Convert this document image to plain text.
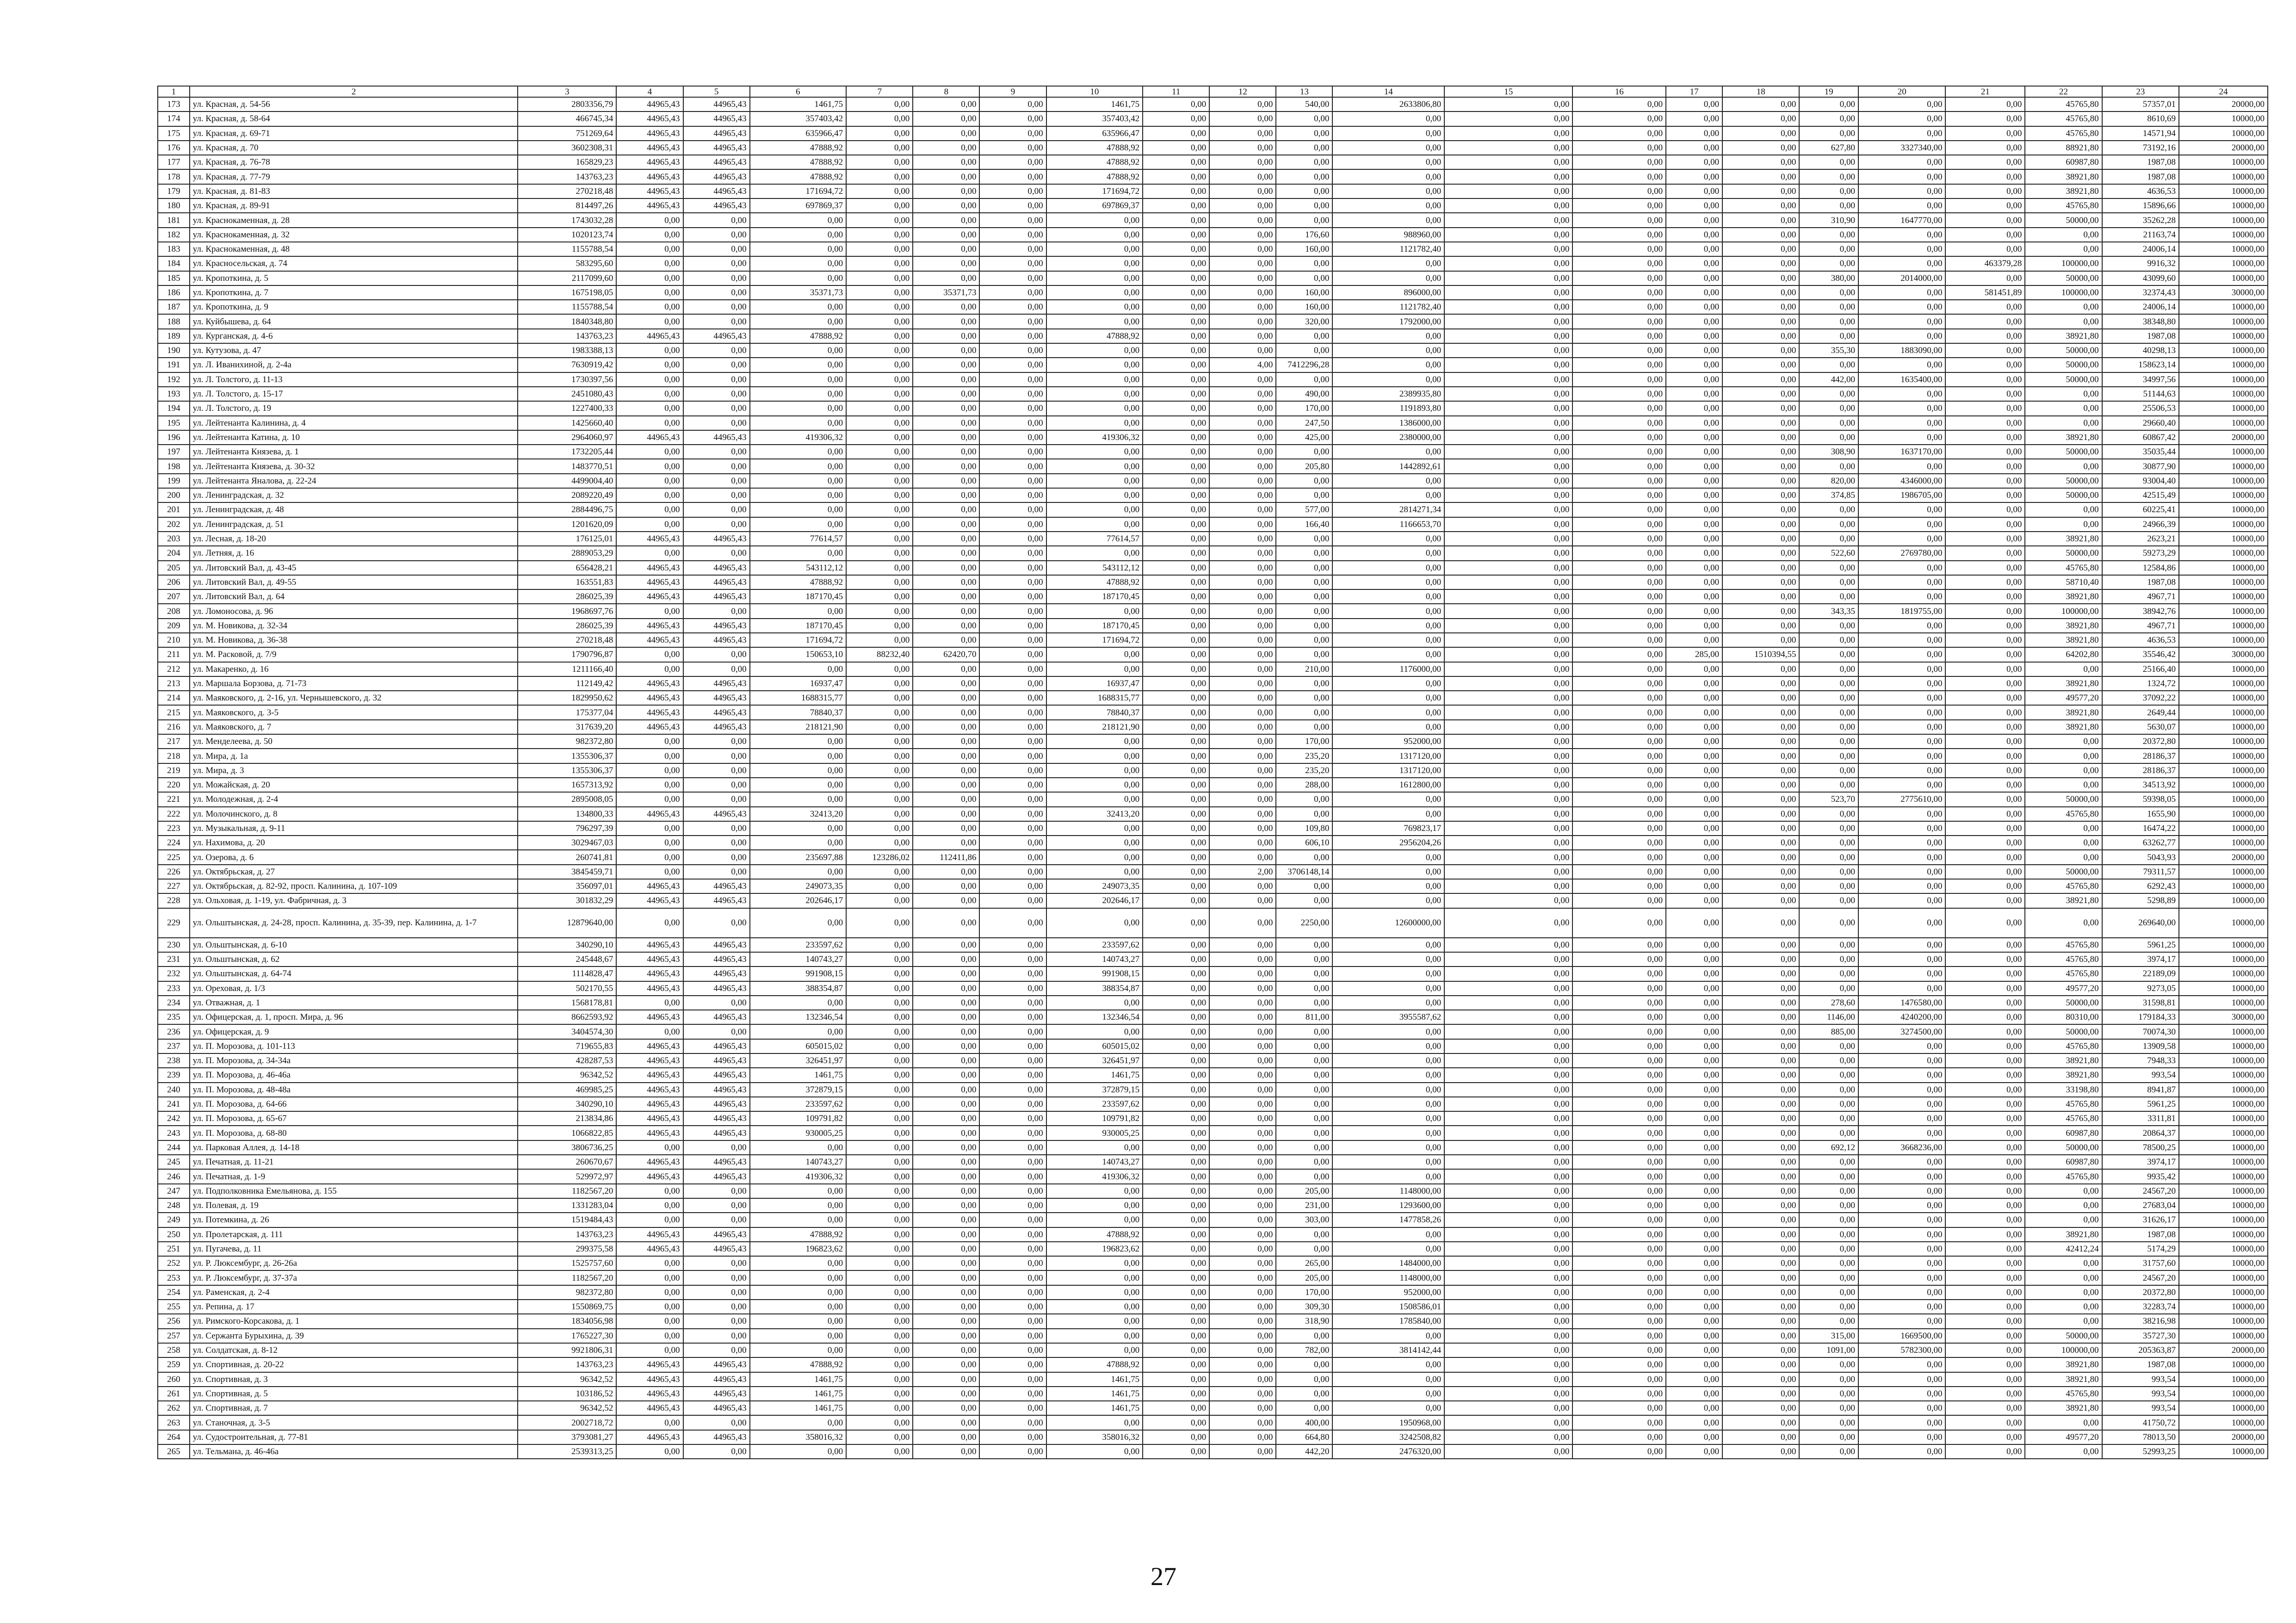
1	2	3	4	5	6	7	8	9	10	11	12	13	14	15	16	17	18	19	20	21	22	23	24
173	ул. Красная, д. 54-56	2803356,79	44965,43	44965,43	1461,75	0,00	0,00	0,00	1461,75	0,00	0,00	540,00	2633806,80	0,00	0,00	0,00	0,00	0,00	0,00	0,00	45765,80	57357,01	20000,00
174	ул. Красная, д. 58-64	466745,34	44965,43	44965,43	357403,42	0,00	0,00	0,00	357403,42	0,00	0,00	0,00	0,00	0,00	0,00	0,00	0,00	0,00	0,00	0,00	45765,80	8610,69	10000,00
175	ул. Красная, д. 69-71	751269,64	44965,43	44965,43	635966,47	0,00	0,00	0,00	635966,47	0,00	0,00	0,00	0,00	0,00	0,00	0,00	0,00	0,00	0,00	0,00	45765,80	14571,94	10000,00
176	ул. Красная, д. 70	3602308,31	44965,43	44965,43	47888,92	0,00	0,00	0,00	47888,92	0,00	0,00	0,00	0,00	0,00	0,00	0,00	0,00	627,80	3327340,00	0,00	88921,80	73192,16	20000,00
177	ул. Красная, д. 76-78	165829,23	44965,43	44965,43	47888,92	0,00	0,00	0,00	47888,92	0,00	0,00	0,00	0,00	0,00	0,00	0,00	0,00	0,00	0,00	0,00	60987,80	1987,08	10000,00
178	ул. Красная, д. 77-79	143763,23	44965,43	44965,43	47888,92	0,00	0,00	0,00	47888,92	0,00	0,00	0,00	0,00	0,00	0,00	0,00	0,00	0,00	0,00	0,00	38921,80	1987,08	10000,00
179	ул. Красная, д. 81-83	270218,48	44965,43	44965,43	171694,72	0,00	0,00	0,00	171694,72	0,00	0,00	0,00	0,00	0,00	0,00	0,00	0,00	0,00	0,00	0,00	38921,80	4636,53	10000,00
180	ул. Красная, д. 89-91	814497,26	44965,43	44965,43	697869,37	0,00	0,00	0,00	697869,37	0,00	0,00	0,00	0,00	0,00	0,00	0,00	0,00	0,00	0,00	0,00	45765,80	15896,66	10000,00
181	ул. Краснокаменная, д. 28	1743032,28	0,00	0,00	0,00	0,00	0,00	0,00	0,00	0,00	0,00	0,00	0,00	0,00	0,00	0,00	0,00	310,90	1647770,00	0,00	50000,00	35262,28	10000,00
182	ул. Краснокаменная, д. 32	1020123,74	0,00	0,00	0,00	0,00	0,00	0,00	0,00	0,00	0,00	176,60	988960,00	0,00	0,00	0,00	0,00	0,00	0,00	0,00	0,00	21163,74	10000,00
183	ул. Краснокаменная, д. 48	1155788,54	0,00	0,00	0,00	0,00	0,00	0,00	0,00	0,00	0,00	160,00	1121782,40	0,00	0,00	0,00	0,00	0,00	0,00	0,00	0,00	24006,14	10000,00
184	ул. Красносельская, д. 74	583295,60	0,00	0,00	0,00	0,00	0,00	0,00	0,00	0,00	0,00	0,00	0,00	0,00	0,00	0,00	0,00	0,00	0,00	463379,28	100000,00	9916,32	10000,00
185	ул. Кропоткина, д. 5	2117099,60	0,00	0,00	0,00	0,00	0,00	0,00	0,00	0,00	0,00	0,00	0,00	0,00	0,00	0,00	0,00	380,00	2014000,00	0,00	50000,00	43099,60	10000,00
186	ул. Кропоткина, д. 7	1675198,05	0,00	0,00	35371,73	0,00	35371,73	0,00	0,00	0,00	0,00	160,00	896000,00	0,00	0,00	0,00	0,00	0,00	0,00	581451,89	100000,00	32374,43	30000,00
187	ул. Кропоткина, д. 9	1155788,54	0,00	0,00	0,00	0,00	0,00	0,00	0,00	0,00	0,00	160,00	1121782,40	0,00	0,00	0,00	0,00	0,00	0,00	0,00	0,00	24006,14	10000,00
188	ул. Куйбышева, д. 64	1840348,80	0,00	0,00	0,00	0,00	0,00	0,00	0,00	0,00	0,00	320,00	1792000,00	0,00	0,00	0,00	0,00	0,00	0,00	0,00	0,00	38348,80	10000,00
189	ул. Курганская, д. 4-6	143763,23	44965,43	44965,43	47888,92	0,00	0,00	0,00	47888,92	0,00	0,00	0,00	0,00	0,00	0,00	0,00	0,00	0,00	0,00	0,00	38921,80	1987,08	10000,00
190	ул. Кутузова, д. 47	1983388,13	0,00	0,00	0,00	0,00	0,00	0,00	0,00	0,00	0,00	0,00	0,00	0,00	0,00	0,00	0,00	355,30	1883090,00	0,00	50000,00	40298,13	10000,00
191	ул. Л. Иванихиной, д. 2-4а	7630919,42	0,00	0,00	0,00	0,00	0,00	0,00	0,00	0,00	4,00	7412296,28	0,00	0,00	0,00	0,00	0,00	0,00	0,00	0,00	50000,00	158623,14	10000,00
192	ул. Л. Толстого, д. 11-13	1730397,56	0,00	0,00	0,00	0,00	0,00	0,00	0,00	0,00	0,00	0,00	0,00	0,00	0,00	0,00	0,00	442,00	1635400,00	0,00	50000,00	34997,56	10000,00
193	ул. Л. Толстого, д. 15-17	2451080,43	0,00	0,00	0,00	0,00	0,00	0,00	0,00	0,00	0,00	490,00	2389935,80	0,00	0,00	0,00	0,00	0,00	0,00	0,00	0,00	51144,63	10000,00
194	ул. Л. Толстого, д. 19	1227400,33	0,00	0,00	0,00	0,00	0,00	0,00	0,00	0,00	0,00	170,00	1191893,80	0,00	0,00	0,00	0,00	0,00	0,00	0,00	0,00	25506,53	10000,00
195	ул. Лейтенанта Калинина, д. 4	1425660,40	0,00	0,00	0,00	0,00	0,00	0,00	0,00	0,00	0,00	247,50	1386000,00	0,00	0,00	0,00	0,00	0,00	0,00	0,00	0,00	29660,40	10000,00
196	ул. Лейтенанта Катина, д. 10	2964060,97	44965,43	44965,43	419306,32	0,00	0,00	0,00	419306,32	0,00	0,00	425,00	2380000,00	0,00	0,00	0,00	0,00	0,00	0,00	0,00	38921,80	60867,42	20000,00
197	ул. Лейтенанта Князева, д. 1	1732205,44	0,00	0,00	0,00	0,00	0,00	0,00	0,00	0,00	0,00	0,00	0,00	0,00	0,00	0,00	0,00	308,90	1637170,00	0,00	50000,00	35035,44	10000,00
198	ул. Лейтенанта Князева, д. 30-32	1483770,51	0,00	0,00	0,00	0,00	0,00	0,00	0,00	0,00	0,00	205,80	1442892,61	0,00	0,00	0,00	0,00	0,00	0,00	0,00	0,00	30877,90	10000,00
199	ул. Лейтенанта Яналова, д. 22-24	4499004,40	0,00	0,00	0,00	0,00	0,00	0,00	0,00	0,00	0,00	0,00	0,00	0,00	0,00	0,00	0,00	820,00	4346000,00	0,00	50000,00	93004,40	10000,00
200	ул. Ленинградская, д. 32	2089220,49	0,00	0,00	0,00	0,00	0,00	0,00	0,00	0,00	0,00	0,00	0,00	0,00	0,00	0,00	0,00	374,85	1986705,00	0,00	50000,00	42515,49	10000,00
201	ул. Ленинградская, д. 48	2884496,75	0,00	0,00	0,00	0,00	0,00	0,00	0,00	0,00	0,00	577,00	2814271,34	0,00	0,00	0,00	0,00	0,00	0,00	0,00	0,00	60225,41	10000,00
202	ул. Ленинградская, д. 51	1201620,09	0,00	0,00	0,00	0,00	0,00	0,00	0,00	0,00	0,00	166,40	1166653,70	0,00	0,00	0,00	0,00	0,00	0,00	0,00	0,00	24966,39	10000,00
203	ул. Лесная, д. 18-20	176125,01	44965,43	44965,43	77614,57	0,00	0,00	0,00	77614,57	0,00	0,00	0,00	0,00	0,00	0,00	0,00	0,00	0,00	0,00	0,00	38921,80	2623,21	10000,00
204	ул. Летняя, д. 16	2889053,29	0,00	0,00	0,00	0,00	0,00	0,00	0,00	0,00	0,00	0,00	0,00	0,00	0,00	0,00	0,00	522,60	2769780,00	0,00	50000,00	59273,29	10000,00
205	ул. Литовский Вал, д. 43-45	656428,21	44965,43	44965,43	543112,12	0,00	0,00	0,00	543112,12	0,00	0,00	0,00	0,00	0,00	0,00	0,00	0,00	0,00	0,00	0,00	45765,80	12584,86	10000,00
206	ул. Литовский Вал, д. 49-55	163551,83	44965,43	44965,43	47888,92	0,00	0,00	0,00	47888,92	0,00	0,00	0,00	0,00	0,00	0,00	0,00	0,00	0,00	0,00	0,00	58710,40	1987,08	10000,00
207	ул. Литовский Вал, д. 64	286025,39	44965,43	44965,43	187170,45	0,00	0,00	0,00	187170,45	0,00	0,00	0,00	0,00	0,00	0,00	0,00	0,00	0,00	0,00	0,00	38921,80	4967,71	10000,00
208	ул. Ломоносова, д. 96	1968697,76	0,00	0,00	0,00	0,00	0,00	0,00	0,00	0,00	0,00	0,00	0,00	0,00	0,00	0,00	0,00	343,35	1819755,00	0,00	100000,00	38942,76	10000,00
209	ул. М. Новикова, д. 32-34	286025,39	44965,43	44965,43	187170,45	0,00	0,00	0,00	187170,45	0,00	0,00	0,00	0,00	0,00	0,00	0,00	0,00	0,00	0,00	0,00	38921,80	4967,71	10000,00
210	ул. М. Новикова, д. 36-38	270218,48	44965,43	44965,43	171694,72	0,00	0,00	0,00	171694,72	0,00	0,00	0,00	0,00	0,00	0,00	0,00	0,00	0,00	0,00	0,00	38921,80	4636,53	10000,00
211	ул. М. Расковой, д. 7/9	1790796,87	0,00	0,00	150653,10	88232,40	62420,70	0,00	0,00	0,00	0,00	0,00	0,00	0,00	0,00	285,00	1510394,55	0,00	0,00	0,00	64202,80	35546,42	30000,00
212	ул. Макаренко, д. 16	1211166,40	0,00	0,00	0,00	0,00	0,00	0,00	0,00	0,00	0,00	210,00	1176000,00	0,00	0,00	0,00	0,00	0,00	0,00	0,00	0,00	25166,40	10000,00
213	ул. Маршала Борзова, д. 71-73	112149,42	44965,43	44965,43	16937,47	0,00	0,00	0,00	16937,47	0,00	0,00	0,00	0,00	0,00	0,00	0,00	0,00	0,00	0,00	0,00	38921,80	1324,72	10000,00
214	ул. Маяковского, д. 2-16, ул. Чернышевского, д. 32	1829950,62	44965,43	44965,43	1688315,77	0,00	0,00	0,00	1688315,77	0,00	0,00	0,00	0,00	0,00	0,00	0,00	0,00	0,00	0,00	0,00	49577,20	37092,22	10000,00
215	ул. Маяковского, д. 3-5	175377,04	44965,43	44965,43	78840,37	0,00	0,00	0,00	78840,37	0,00	0,00	0,00	0,00	0,00	0,00	0,00	0,00	0,00	0,00	0,00	38921,80	2649,44	10000,00
216	ул. Маяковского, д. 7	317639,20	44965,43	44965,43	218121,90	0,00	0,00	0,00	218121,90	0,00	0,00	0,00	0,00	0,00	0,00	0,00	0,00	0,00	0,00	0,00	38921,80	5630,07	10000,00
217	ул. Менделеева, д. 50	982372,80	0,00	0,00	0,00	0,00	0,00	0,00	0,00	0,00	0,00	170,00	952000,00	0,00	0,00	0,00	0,00	0,00	0,00	0,00	0,00	20372,80	10000,00
218	ул. Мира, д. 1а	1355306,37	0,00	0,00	0,00	0,00	0,00	0,00	0,00	0,00	0,00	235,20	1317120,00	0,00	0,00	0,00	0,00	0,00	0,00	0,00	0,00	28186,37	10000,00
219	ул. Мира, д. 3	1355306,37	0,00	0,00	0,00	0,00	0,00	0,00	0,00	0,00	0,00	235,20	1317120,00	0,00	0,00	0,00	0,00	0,00	0,00	0,00	0,00	28186,37	10000,00
220	ул. Можайская, д. 20	1657313,92	0,00	0,00	0,00	0,00	0,00	0,00	0,00	0,00	0,00	288,00	1612800,00	0,00	0,00	0,00	0,00	0,00	0,00	0,00	0,00	34513,92	10000,00
221	ул. Молодежная, д. 2-4	2895008,05	0,00	0,00	0,00	0,00	0,00	0,00	0,00	0,00	0,00	0,00	0,00	0,00	0,00	0,00	0,00	523,70	2775610,00	0,00	50000,00	59398,05	10000,00
222	ул. Молочинского, д. 8	134800,33	44965,43	44965,43	32413,20	0,00	0,00	0,00	32413,20	0,00	0,00	0,00	0,00	0,00	0,00	0,00	0,00	0,00	0,00	0,00	45765,80	1655,90	10000,00
223	ул. Музыкальная, д. 9-11	796297,39	0,00	0,00	0,00	0,00	0,00	0,00	0,00	0,00	0,00	109,80	769823,17	0,00	0,00	0,00	0,00	0,00	0,00	0,00	0,00	16474,22	10000,00
224	ул. Нахимова, д. 20	3029467,03	0,00	0,00	0,00	0,00	0,00	0,00	0,00	0,00	0,00	606,10	2956204,26	0,00	0,00	0,00	0,00	0,00	0,00	0,00	0,00	63262,77	10000,00
225	ул. Озерова, д. 6	260741,81	0,00	0,00	235697,88	123286,02	112411,86	0,00	0,00	0,00	0,00	0,00	0,00	0,00	0,00	0,00	0,00	0,00	0,00	0,00	0,00	5043,93	20000,00
226	ул. Октябрьская, д. 27	3845459,71	0,00	0,00	0,00	0,00	0,00	0,00	0,00	0,00	2,00	3706148,14	0,00	0,00	0,00	0,00	0,00	0,00	0,00	0,00	50000,00	79311,57	10000,00
227	ул. Октябрьская, д. 82-92, просп. Калинина, д. 107-109	356097,01	44965,43	44965,43	249073,35	0,00	0,00	0,00	249073,35	0,00	0,00	0,00	0,00	0,00	0,00	0,00	0,00	0,00	0,00	0,00	45765,80	6292,43	10000,00
228	ул. Ольховая, д. 1-19, ул. Фабричная, д. 3	301832,29	44965,43	44965,43	202646,17	0,00	0,00	0,00	202646,17	0,00	0,00	0,00	0,00	0,00	0,00	0,00	0,00	0,00	0,00	0,00	38921,80	5298,89	10000,00
229	ул. Ольштынская, д. 24-28, просп. Калинина, д. 35-39, пер. Калинина, д. 1-7	12879640,00	0,00	0,00	0,00	0,00	0,00	0,00	0,00	0,00	0,00	2250,00	12600000,00	0,00	0,00	0,00	0,00	0,00	0,00	0,00	0,00	269640,00	10000,00
230	ул. Ольштынская, д. 6-10	340290,10	44965,43	44965,43	233597,62	0,00	0,00	0,00	233597,62	0,00	0,00	0,00	0,00	0,00	0,00	0,00	0,00	0,00	0,00	0,00	45765,80	5961,25	10000,00
231	ул. Ольштынская, д. 62	245448,67	44965,43	44965,43	140743,27	0,00	0,00	0,00	140743,27	0,00	0,00	0,00	0,00	0,00	0,00	0,00	0,00	0,00	0,00	0,00	45765,80	3974,17	10000,00
232	ул. Ольштынская, д. 64-74	1114828,47	44965,43	44965,43	991908,15	0,00	0,00	0,00	991908,15	0,00	0,00	0,00	0,00	0,00	0,00	0,00	0,00	0,00	0,00	0,00	45765,80	22189,09	10000,00
233	ул. Ореховая, д. 1/3	502170,55	44965,43	44965,43	388354,87	0,00	0,00	0,00	388354,87	0,00	0,00	0,00	0,00	0,00	0,00	0,00	0,00	0,00	0,00	0,00	49577,20	9273,05	10000,00
234	ул. Отважная, д. 1	1568178,81	0,00	0,00	0,00	0,00	0,00	0,00	0,00	0,00	0,00	0,00	0,00	0,00	0,00	0,00	0,00	278,60	1476580,00	0,00	50000,00	31598,81	10000,00
235	ул. Офицерская, д. 1, просп. Мира, д. 96	8662593,92	44965,43	44965,43	132346,54	0,00	0,00	0,00	132346,54	0,00	0,00	811,00	3955587,62	0,00	0,00	0,00	0,00	1146,00	4240200,00	0,00	80310,00	179184,33	30000,00
236	ул. Офицерская, д. 9	3404574,30	0,00	0,00	0,00	0,00	0,00	0,00	0,00	0,00	0,00	0,00	0,00	0,00	0,00	0,00	0,00	885,00	3274500,00	0,00	50000,00	70074,30	10000,00
237	ул. П. Морозова, д. 101-113	719655,83	44965,43	44965,43	605015,02	0,00	0,00	0,00	605015,02	0,00	0,00	0,00	0,00	0,00	0,00	0,00	0,00	0,00	0,00	0,00	45765,80	13909,58	10000,00
238	ул. П. Морозова, д. 34-34а	428287,53	44965,43	44965,43	326451,97	0,00	0,00	0,00	326451,97	0,00	0,00	0,00	0,00	0,00	0,00	0,00	0,00	0,00	0,00	0,00	38921,80	7948,33	10000,00
239	ул. П. Морозова, д. 46-46а	96342,52	44965,43	44965,43	1461,75	0,00	0,00	0,00	1461,75	0,00	0,00	0,00	0,00	0,00	0,00	0,00	0,00	0,00	0,00	0,00	38921,80	993,54	10000,00
240	ул. П. Морозова, д. 48-48а	469985,25	44965,43	44965,43	372879,15	0,00	0,00	0,00	372879,15	0,00	0,00	0,00	0,00	0,00	0,00	0,00	0,00	0,00	0,00	0,00	33198,80	8941,87	10000,00
241	ул. П. Морозова, д. 64-66	340290,10	44965,43	44965,43	233597,62	0,00	0,00	0,00	233597,62	0,00	0,00	0,00	0,00	0,00	0,00	0,00	0,00	0,00	0,00	0,00	45765,80	5961,25	10000,00
242	ул. П. Морозова, д. 65-67	213834,86	44965,43	44965,43	109791,82	0,00	0,00	0,00	109791,82	0,00	0,00	0,00	0,00	0,00	0,00	0,00	0,00	0,00	0,00	0,00	45765,80	3311,81	10000,00
243	ул. П. Морозова, д. 68-80	1066822,85	44965,43	44965,43	930005,25	0,00	0,00	0,00	930005,25	0,00	0,00	0,00	0,00	0,00	0,00	0,00	0,00	0,00	0,00	0,00	60987,80	20864,37	10000,00
244	ул. Парковая Аллея, д. 14-18	3806736,25	0,00	0,00	0,00	0,00	0,00	0,00	0,00	0,00	0,00	0,00	0,00	0,00	0,00	0,00	0,00	692,12	3668236,00	0,00	50000,00	78500,25	10000,00
245	ул. Печатная, д. 11-21	260670,67	44965,43	44965,43	140743,27	0,00	0,00	0,00	140743,27	0,00	0,00	0,00	0,00	0,00	0,00	0,00	0,00	0,00	0,00	0,00	60987,80	3974,17	10000,00
246	ул. Печатная, д. 1-9	529972,97	44965,43	44965,43	419306,32	0,00	0,00	0,00	419306,32	0,00	0,00	0,00	0,00	0,00	0,00	0,00	0,00	0,00	0,00	0,00	45765,80	9935,42	10000,00
247	ул. Подполковника Емельянова, д. 155	1182567,20	0,00	0,00	0,00	0,00	0,00	0,00	0,00	0,00	0,00	205,00	1148000,00	0,00	0,00	0,00	0,00	0,00	0,00	0,00	0,00	24567,20	10000,00
248	ул. Полевая, д. 19	1331283,04	0,00	0,00	0,00	0,00	0,00	0,00	0,00	0,00	0,00	231,00	1293600,00	0,00	0,00	0,00	0,00	0,00	0,00	0,00	0,00	27683,04	10000,00
249	ул. Потемкина, д. 26	1519484,43	0,00	0,00	0,00	0,00	0,00	0,00	0,00	0,00	0,00	303,00	1477858,26	0,00	0,00	0,00	0,00	0,00	0,00	0,00	0,00	31626,17	10000,00
250	ул. Пролетарская, д. 111	143763,23	44965,43	44965,43	47888,92	0,00	0,00	0,00	47888,92	0,00	0,00	0,00	0,00	0,00	0,00	0,00	0,00	0,00	0,00	0,00	38921,80	1987,08	10000,00
251	ул. Пугачева, д. 11	299375,58	44965,43	44965,43	196823,62	0,00	0,00	0,00	196823,62	0,00	0,00	0,00	0,00	0,00	0,00	0,00	0,00	0,00	0,00	0,00	42412,24	5174,29	10000,00
252	ул. Р. Люксембург, д. 26-26а	1525757,60	0,00	0,00	0,00	0,00	0,00	0,00	0,00	0,00	0,00	265,00	1484000,00	0,00	0,00	0,00	0,00	0,00	0,00	0,00	0,00	31757,60	10000,00
253	ул. Р. Люксембург, д. 37-37а	1182567,20	0,00	0,00	0,00	0,00	0,00	0,00	0,00	0,00	0,00	205,00	1148000,00	0,00	0,00	0,00	0,00	0,00	0,00	0,00	0,00	24567,20	10000,00
254	ул. Раменская, д. 2-4	982372,80	0,00	0,00	0,00	0,00	0,00	0,00	0,00	0,00	0,00	170,00	952000,00	0,00	0,00	0,00	0,00	0,00	0,00	0,00	0,00	20372,80	10000,00
255	ул. Репина, д. 17	1550869,75	0,00	0,00	0,00	0,00	0,00	0,00	0,00	0,00	0,00	309,30	1508586,01	0,00	0,00	0,00	0,00	0,00	0,00	0,00	0,00	32283,74	10000,00
256	ул. Римского-Корсакова, д. 1	1834056,98	0,00	0,00	0,00	0,00	0,00	0,00	0,00	0,00	0,00	318,90	1785840,00	0,00	0,00	0,00	0,00	0,00	0,00	0,00	0,00	38216,98	10000,00
257	ул. Сержанта Бурыхина, д. 39	1765227,30	0,00	0,00	0,00	0,00	0,00	0,00	0,00	0,00	0,00	0,00	0,00	0,00	0,00	0,00	0,00	315,00	1669500,00	0,00	50000,00	35727,30	10000,00
258	ул. Солдатская, д. 8-12	9921806,31	0,00	0,00	0,00	0,00	0,00	0,00	0,00	0,00	0,00	782,00	3814142,44	0,00	0,00	0,00	0,00	1091,00	5782300,00	0,00	100000,00	205363,87	20000,00
259	ул. Спортивная, д. 20-22	143763,23	44965,43	44965,43	47888,92	0,00	0,00	0,00	47888,92	0,00	0,00	0,00	0,00	0,00	0,00	0,00	0,00	0,00	0,00	0,00	38921,80	1987,08	10000,00
260	ул. Спортивная, д. 3	96342,52	44965,43	44965,43	1461,75	0,00	0,00	0,00	1461,75	0,00	0,00	0,00	0,00	0,00	0,00	0,00	0,00	0,00	0,00	0,00	38921,80	993,54	10000,00
261	ул. Спортивная, д. 5	103186,52	44965,43	44965,43	1461,75	0,00	0,00	0,00	1461,75	0,00	0,00	0,00	0,00	0,00	0,00	0,00	0,00	0,00	0,00	0,00	45765,80	993,54	10000,00
262	ул. Спортивная, д. 7	96342,52	44965,43	44965,43	1461,75	0,00	0,00	0,00	1461,75	0,00	0,00	0,00	0,00	0,00	0,00	0,00	0,00	0,00	0,00	0,00	38921,80	993,54	10000,00
263	ул. Станочная, д. 3-5	2002718,72	0,00	0,00	0,00	0,00	0,00	0,00	0,00	0,00	0,00	400,00	1950968,00	0,00	0,00	0,00	0,00	0,00	0,00	0,00	0,00	41750,72	10000,00
264	ул. Судостроительная, д. 77-81	3793081,27	44965,43	44965,43	358016,32	0,00	0,00	0,00	358016,32	0,00	0,00	664,80	3242508,82	0,00	0,00	0,00	0,00	0,00	0,00	0,00	49577,20	78013,50	20000,00
265	ул. Тельмана, д. 46-46а	2539313,25	0,00	0,00	0,00	0,00	0,00	0,00	0,00	0,00	0,00	442,20	2476320,00	0,00	0,00	0,00	0,00	0,00	0,00	0,00	0,00	52993,25	10000,00
27
